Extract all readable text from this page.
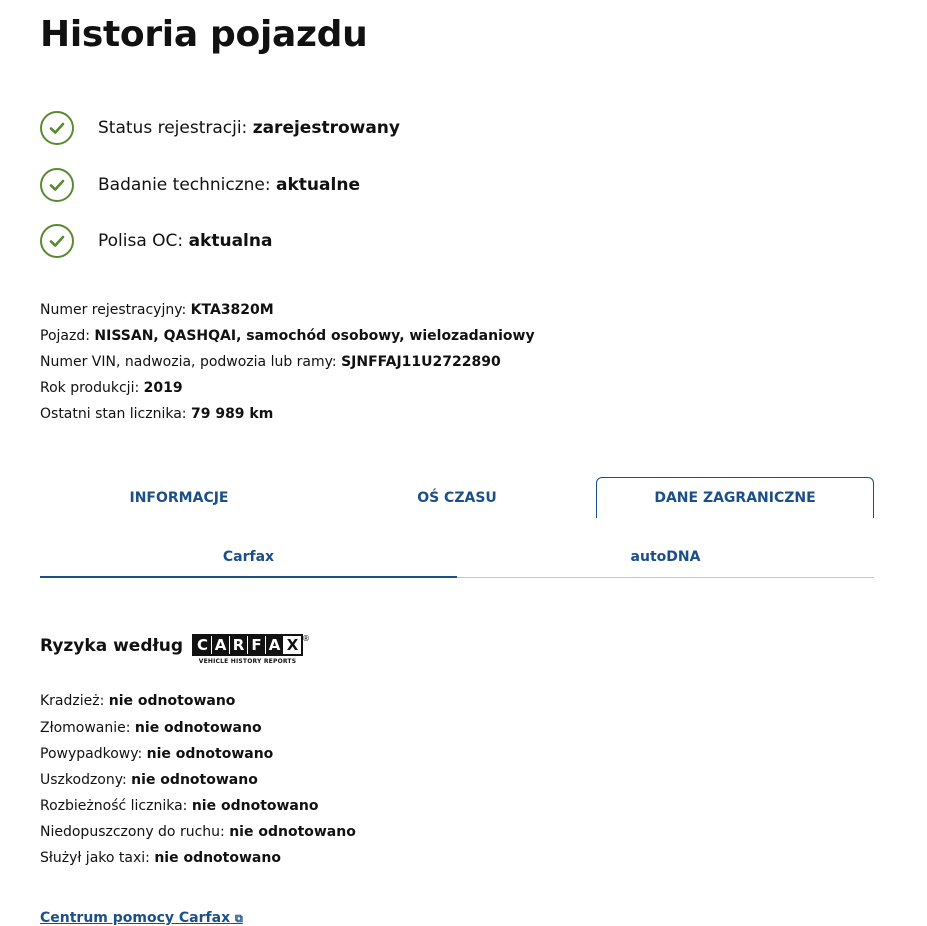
Historia pojazdu
Status rejestracji: zarejestrowany
Badanie techniczne: aktualne
Polisa OC: aktualna
Numer rejestracyjny: KTA3820M
Pojazd: NISSAN, QASHQAI, samochód osobowy, wielozadaniowy
Numer VIN, nadwozia, podwozia lub ramy: SJNFFAJ11U2722890
Rok produkcji: 2019
Ostatni stan licznika: 79 989 km
INFORMACJE	OŚ CZASU	DANE ZAGRANICZNE
Carfax	autoDNA
Ryzyka według C A R F A X
VEHICLE HISTORY REPORTS
®
Kradzież: nie odnotowano
Złomowanie: nie odnotowano
Powypadkowy: nie odnotowano
Uszkodzony: nie odnotowano
Rozbieżność licznika: nie odnotowano
Niedopuszczony do ruchu: nie odnotowano
Służył jako taxi: nie odnotowano
Centrum pomocy Carfax ⧉
